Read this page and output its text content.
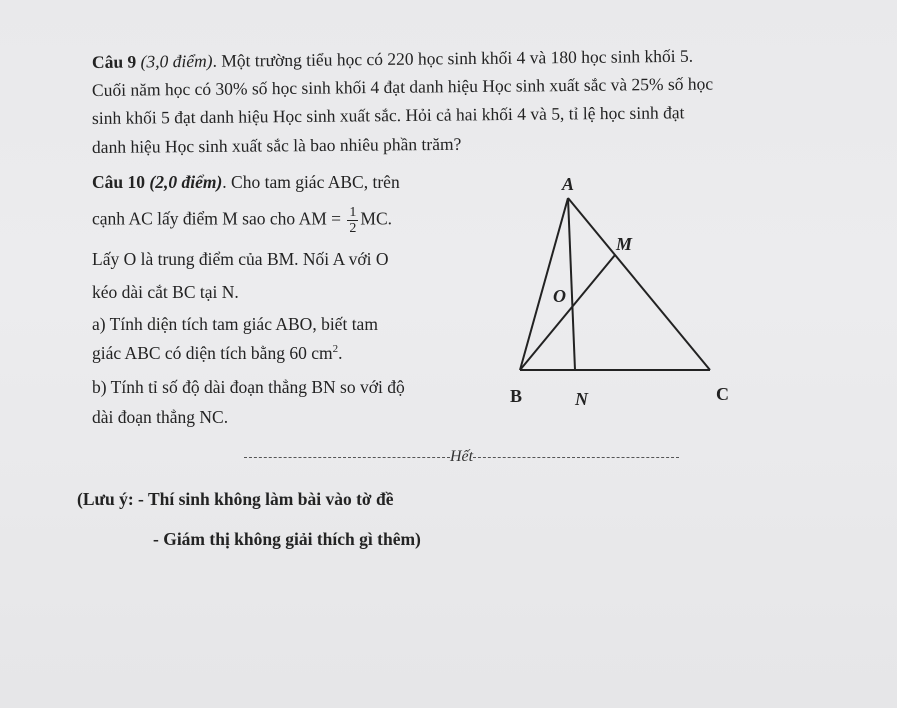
Câu 9 (3,0 điểm). Một trường tiểu học có 220 học sinh khối 4 và 180 học sinh khối 5.
Cuối năm học có 30% số học sinh khối 4 đạt danh hiệu Học sinh xuất sắc và 25% số học
sinh khối 5 đạt danh hiệu Học sinh xuất sắc. Hỏi cả hai khối 4 và 5, tỉ lệ học sinh đạt
danh hiệu Học sinh xuất sắc là bao nhiêu phần trăm?
Câu 10 (2,0 điểm). Cho tam giác ABC, trên
cạnh AC lấy điểm M sao cho AM = $\frac{1}{2}$ MC.
Lấy O là trung điểm của BM. Nối A với O
kéo dài cắt BC tại N.
a) Tính diện tích tam giác ABO, biết tam
giác ABC có diện tích bằng 60 $cm^2$.
b) Tính tỉ số độ dài đoạn thẳng BN so với độ
dài đoạn thẳng NC.
A
M
O
B	N	C
Hết
(Lưu ý: - Thí sinh không làm bài vào tờ đề
- Giám thị không giải thích gì thêm)
